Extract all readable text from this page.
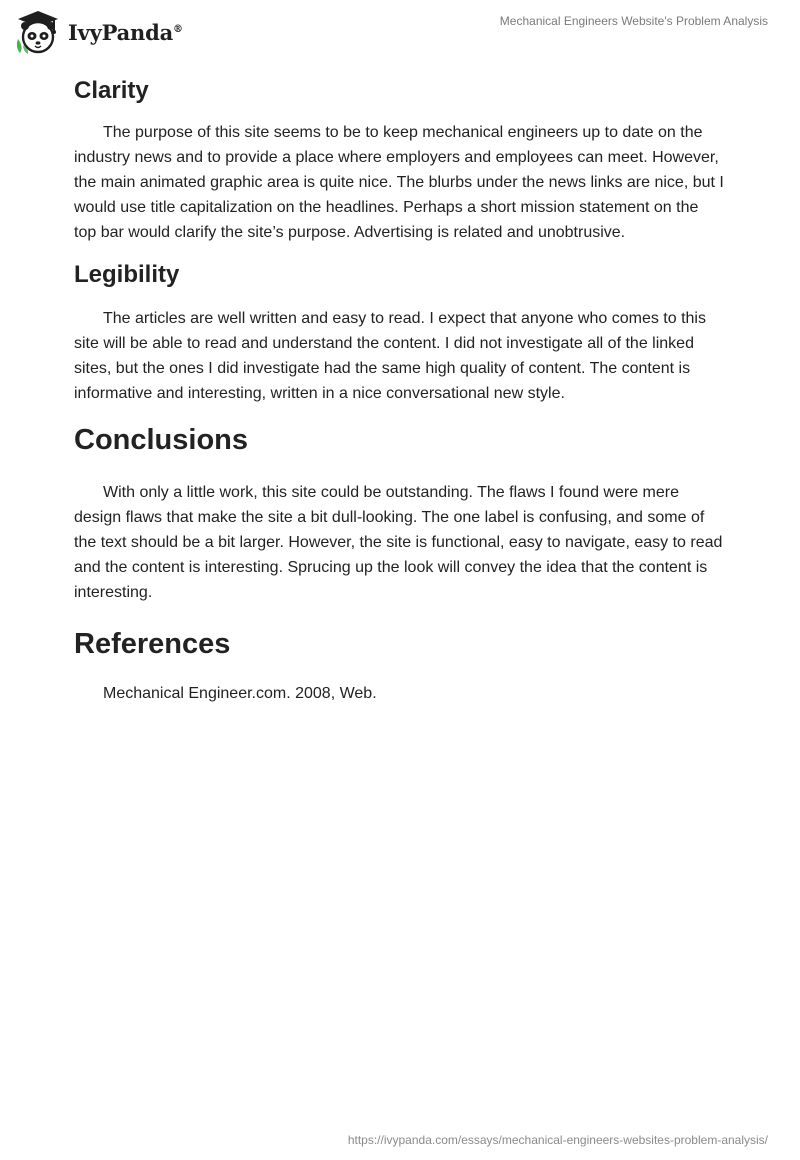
IvyPanda®
Mechanical Engineers Website's Problem Analysis
Clarity

The purpose of this site seems to be to keep mechanical engineers up to date on the industry news and to provide a place where employers and employees can meet. However, the main animated graphic area is quite nice. The blurbs under the news links are nice, but I would use title capitalization on the headlines. Perhaps a short mission statement on the top bar would clarify the site’s purpose. Advertising is related and unobtrusive.

Legibility

The articles are well written and easy to read. I expect that anyone who comes to this site will be able to read and understand the content. I did not investigate all of the linked sites, but the ones I did investigate had the same high quality of content. The content is informative and interesting, written in a nice conversational new style.

Conclusions

With only a little work, this site could be outstanding. The flaws I found were mere design flaws that make the site a bit dull-looking. The one label is confusing, and some of the text should be a bit larger. However, the site is functional, easy to navigate, easy to read and the content is interesting. Sprucing up the look will convey the idea that the content is interesting.

References

Mechanical Engineer.com. 2008, Web.

https://ivypanda.com/essays/mechanical-engineers-websites-problem-analysis/
